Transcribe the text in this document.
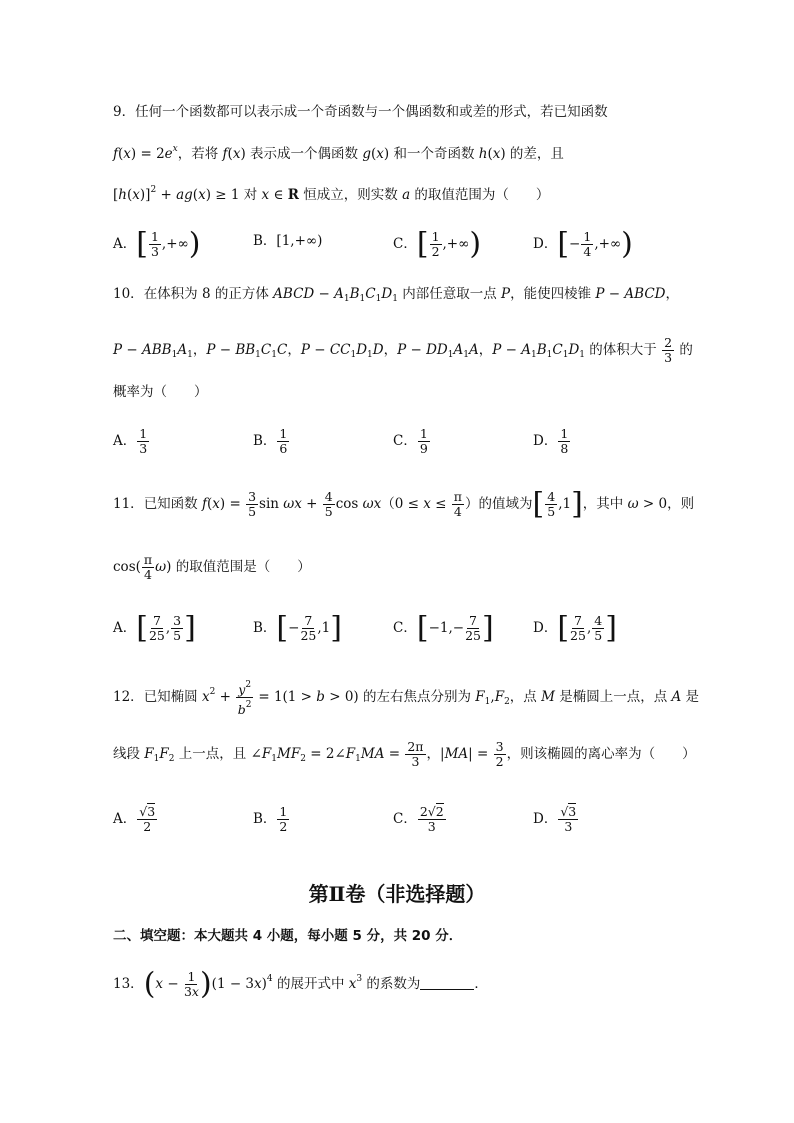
9．任何一个函数都可以表示成一个奇函数与一个偶函数和或差的形式，若已知函数
$f(x) = 2e^x$，若将 f(x) 表示成一个偶函数 g(x) 和一个奇函数 h(x) 的差，且
$[h(x)]^2 + ag(x) \ge 1$ 对 x ∈ R 恒成立，则实数 a 的取值范围为（　　）
A．[ $\frac{1}{3}$ ,+∞)	B．[1,+∞)	C．[ $\frac{1}{2}$ ,+∞)	D．[− $\frac{1}{4}$ ,+∞)
10．在体积为 8 的正方体 ABCD − $A_1B_1C_1D_1$ 内部任意取一点 P，能使四棱锥 P − ABCD，
$P - ABB_1A_1$，$P - BB_1C_1C$，$P - CC_1D_1D$，$P - DD_1A_1A$，$P - A_1B_1C_1D_1$ 的体积大于 $\frac{2}{3}$ 的
概率为（　　）
A． $\frac{1}{3}$	B． $\frac{1}{6}$	C． $\frac{1}{9}$	D． $\frac{1}{8}$
11．已知函数 $f(x) = \frac{3}{5}$ $\sin \omega x + \frac{4}{5}$ $\cos \omega x(0 \le x \le \frac{\pi}{4}$ ）的值域为[ $\frac{4}{5} ,1$]，其中 ω > 0，则
$\cos( \frac{\pi}{4} \omega)$ 的取值范围是（　　）
A．[ $\frac{7}{25}$ , $\frac{3}{5}$ ]	B．[− $\frac{7}{25} ,1$]	C．[$-1,- \frac{7}{25}$ ]	D．[ $\frac{7}{25}$ , $\frac{4}{5}$ ]
12．已知椭圆 $x^2 + \frac{y^2}{b^2} = 1(1 > b > 0)$ 的左右焦点分别为 $F_1,F_2$，点 M 是椭圆上一点，点 A 是
线段 $F_1F_2$ 上一点，且 $\angle F_1MF_2$ = $2\angle F_1MA = \frac{2\pi}{3}$ ，$|MA| = \frac{3}{2}$ ，则该椭圆的离心率为（　　）
A． $\frac{√3}{2}$	B． $\frac{1}{2}$	C． $\frac{2√2}{3}$	D． $\frac{√3}{3}$
第Ⅱ卷（非选择题）
二、填空题：本大题共 4 小题，每小题 5 分，共 20 分．
13．$(x - \frac{1}{3x} )(1 - 3x)^4$ 的展开式中 $x^3$ 的系数为	．
